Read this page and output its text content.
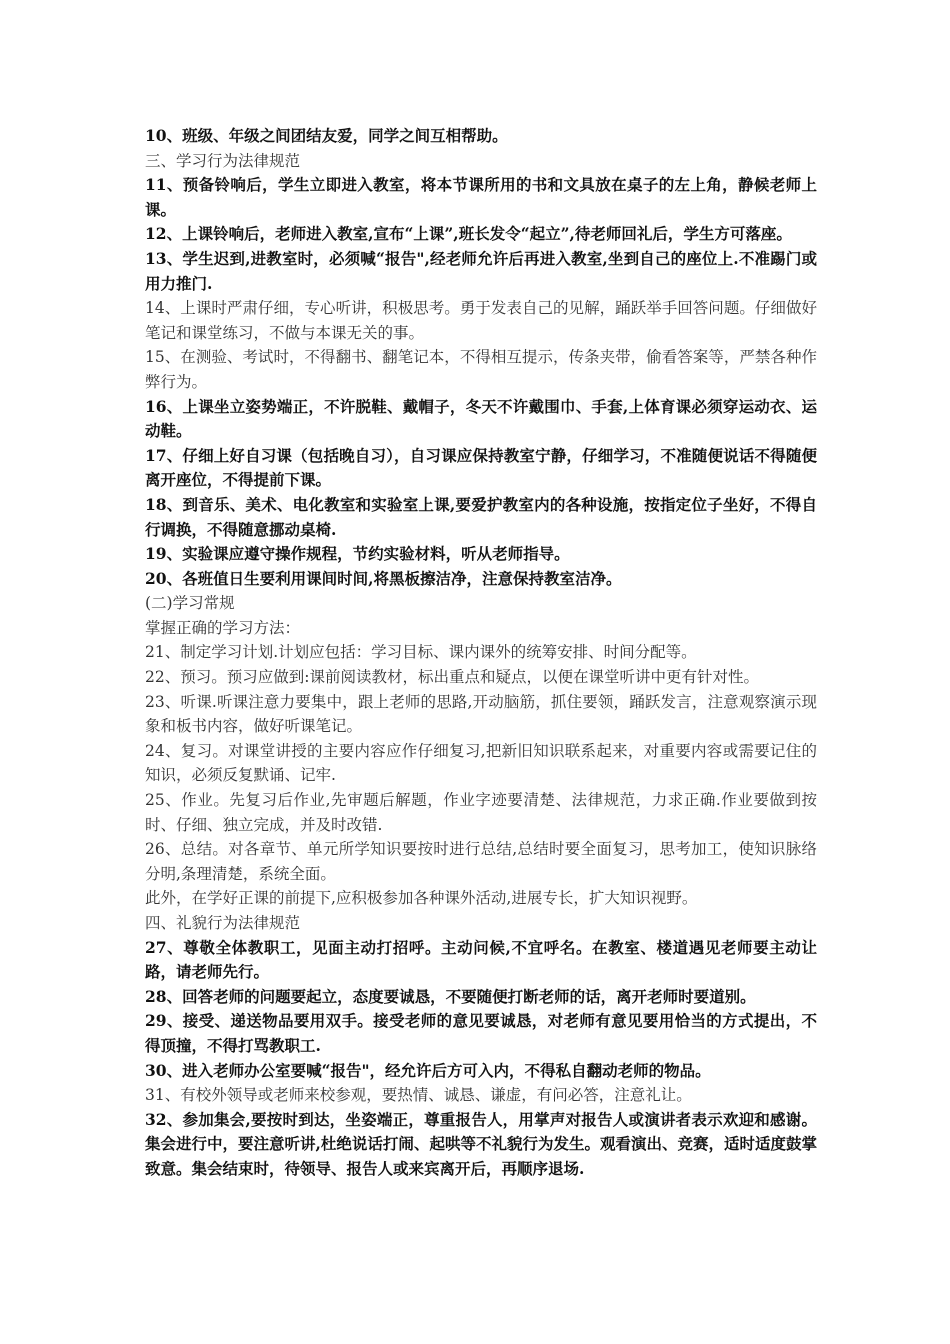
10、班级、年级之间团结友爱，同学之间互相帮助。

三、学习行为法律规范

11、预备铃响后，学生立即进入教室，将本节课所用的书和文具放在桌子的左上角，静候老师上课。

12、上课铃响后，老师进入教室,宣布“上课”,班长发令“起立”,待老师回礼后，学生方可落座。

13、学生迟到,进教室时，必须喊“报告",经老师允许后再进入教室,坐到自己的座位上.不准踢门或用力推门.

14、上课时严肃仔细，专心听讲，积极思考。勇于发表自己的见解，踊跃举手回答问题。仔细做好笔记和课堂练习，不做与本课无关的事。

15、在测验、考试时，不得翻书、翻笔记本，不得相互提示，传条夹带，偷看答案等，严禁各种作弊行为。

16、上课坐立姿势端正，不许脱鞋、戴帽子，冬天不许戴围巾、手套,上体育课必须穿运动衣、运动鞋。

17、仔细上好自习课（包括晚自习），自习课应保持教室宁静，仔细学习，不准随便说话不得随便离开座位，不得提前下课。

18、到音乐、美术、电化教室和实验室上课,要爱护教室内的各种设施，按指定位子坐好，不得自行调换，不得随意挪动桌椅.

19、实验课应遵守操作规程，节约实验材料，听从老师指导。

20、各班值日生要利用课间时间,将黑板擦洁净，注意保持教室洁净。

(二)学习常规

掌握正确的学习方法：

21、制定学习计划.计划应包括：学习目标、课内课外的统筹安排、时间分配等。

22、预习。预习应做到:课前阅读教材，标出重点和疑点，以便在课堂听讲中更有针对性。

23、听课.听课注意力要集中，跟上老师的思路,开动脑筋，抓住要领，踊跃发言，注意观察演示现象和板书内容，做好听课笔记。

24、复习。对课堂讲授的主要内容应作仔细复习,把新旧知识联系起来，对重要内容或需要记住的知识，必须反复默诵、记牢.

25、作业。先复习后作业,先审题后解题，作业字迹要清楚、法律规范，力求正确.作业要做到按时、仔细、独立完成，并及时改错.

26、总结。对各章节、单元所学知识要按时进行总结,总结时要全面复习，思考加工，使知识脉络分明,条理清楚，系统全面。

此外，在学好正课的前提下,应积极参加各种课外活动,进展专长，扩大知识视野。

四、礼貌行为法律规范

27、尊敬全体教职工，见面主动打招呼。主动问候,不宜呼名。在教室、楼道遇见老师要主动让路，请老师先行。

28、回答老师的问题要起立，态度要诚恳，不要随便打断老师的话，离开老师时要道别。

29、接受、递送物品要用双手。接受老师的意见要诚恳，对老师有意见要用恰当的方式提出，不得顶撞，不得打骂教职工.

30、进入老师办公室要喊“报告"，经允许后方可入内，不得私自翻动老师的物品。

31、有校外领导或老师来校参观，要热情、诚恳、谦虚，有问必答，注意礼让。

32、参加集会,要按时到达，坐姿端正，尊重报告人，用掌声对报告人或演讲者表示欢迎和感谢。集会进行中，要注意听讲,杜绝说话打闹、起哄等不礼貌行为发生。观看演出、竞赛，适时适度鼓掌致意。集会结束时，待领导、报告人或来宾离开后，再顺序退场.
